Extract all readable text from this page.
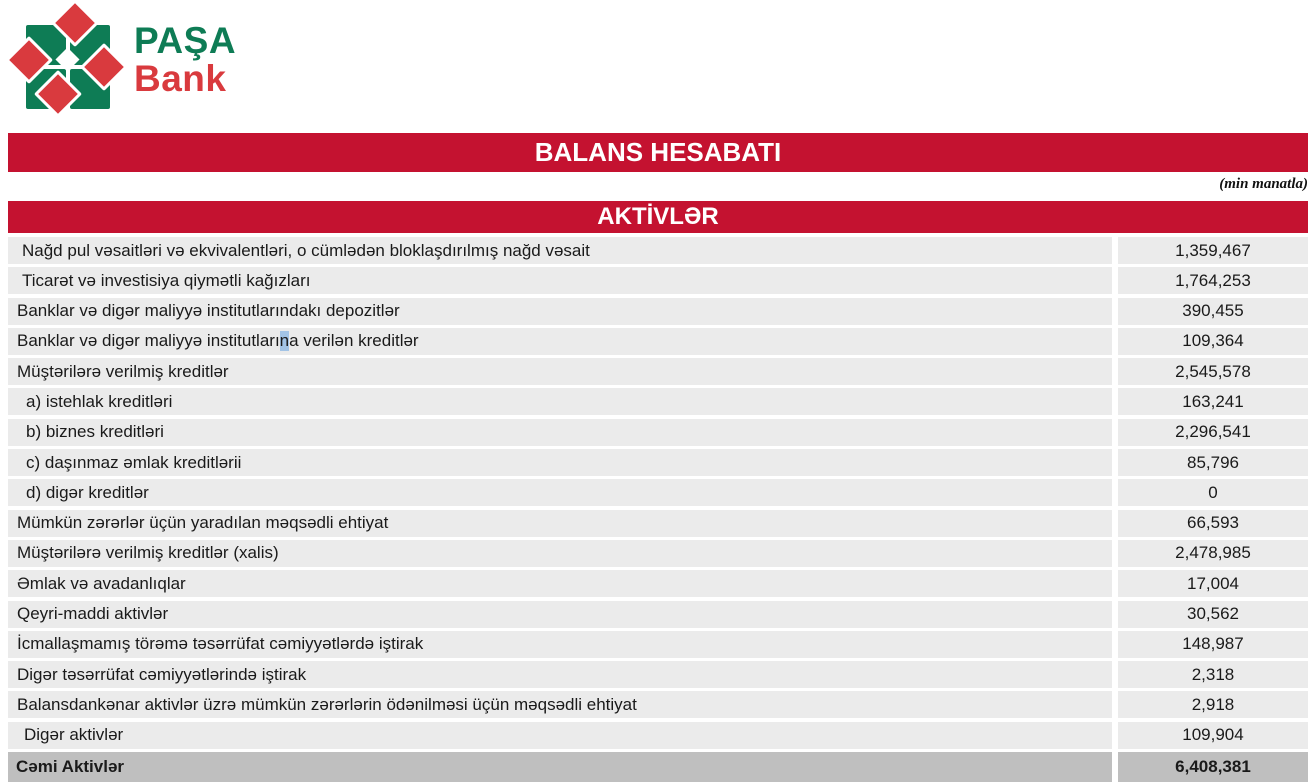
PAŞA
Bank
BALANS HESABATI
(min manatla)
AKTİVLƏR
Nağd pul vəsaitləri və ekvivalentləri, o cümlədən bloklaşdırılmış nağd vəsait	1,359,467
Ticarət və investisiya qiymətli kağızları	1,764,253
Banklar və digər maliyyə institutlarındakı depozitlər	390,455
Banklar və digər maliyyə institutları n a verilən kreditlər	109,364
Müştərilərə verilmiş kreditlər	2,545,578
a) istehlak kreditləri	163,241
b) biznes kreditləri	2,296,541
c) daşınmaz əmlak kreditlərii	85,796
d) digər kreditlər	0
Mümkün zərərlər üçün yaradılan məqsədli ehtiyat	66,593
Müştərilərə verilmiş kreditlər (xalis)	2,478,985
Əmlak və avadanlıqlar	17,004
Qeyri-maddi aktivlər	30,562
İcmallaşmamış törəmə təsərrüfat cəmiyyətlərdə iştirak	148,987
Digər təsərrüfat cəmiyyətlərində iştirak	2,318
Balansdankənar aktivlər üzrə mümkün zərərlərin ödənilməsi üçün məqsədli ehtiyat	2,918
Digər aktivlər	109,904
Cəmi Aktivlər	6,408,381
